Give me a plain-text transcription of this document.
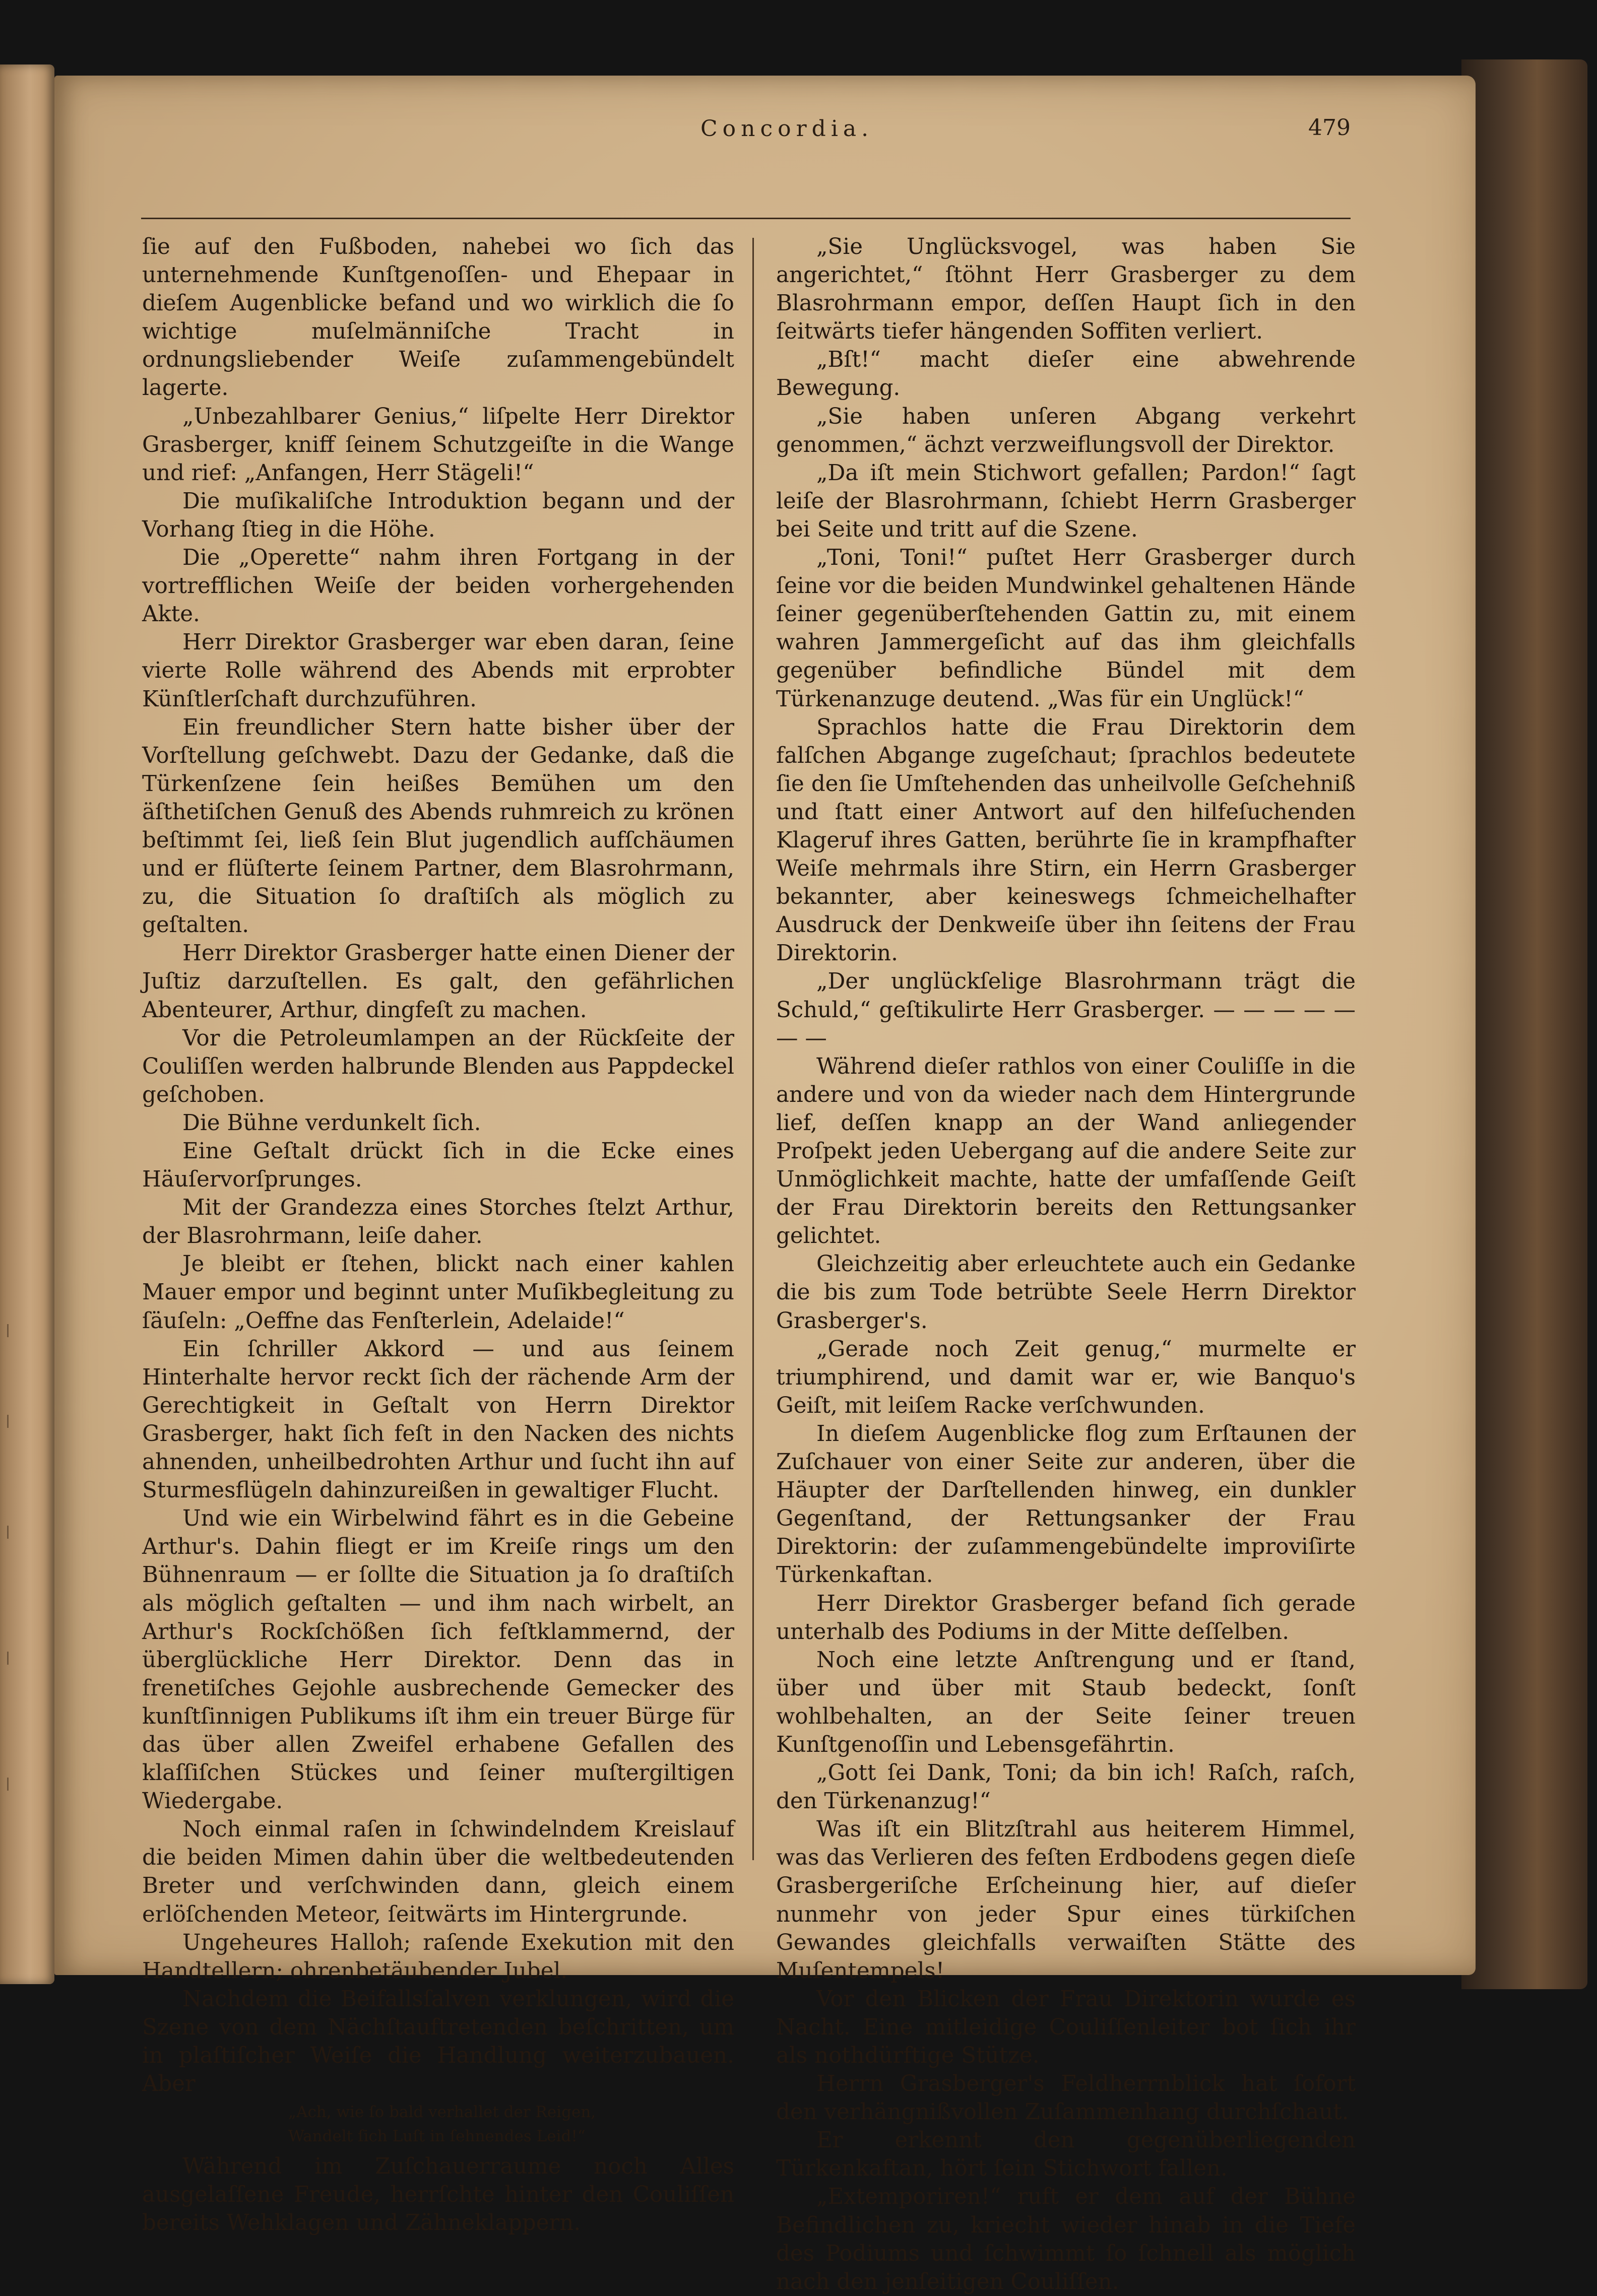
Concordia.	479

ſie auf den Fußboden, nahebei wo ſich das unternehmende Kunſtgenoſſen- und Ehepaar in dieſem Augenblicke befand und wo wirklich die ſo wichtige muſelmänniſche Tracht in ordnungsliebender Weiſe zuſammengebündelt lagerte.

„Unbezahlbarer Genius,“ liſpelte Herr Direktor Grasberger, kniff ſeinem Schutzgeiſte in die Wange und rief: „Anfangen, Herr Stägeli!“

Die muſikaliſche Introduktion begann und der Vorhang ſtieg in die Höhe.

Die „Operette“ nahm ihren Fortgang in der vortrefflichen Weiſe der beiden vorhergehenden Akte.

Herr Direktor Grasberger war eben daran, ſeine vierte Rolle während des Abends mit erprobter Künſtlerſchaft durchzuführen.

Ein freundlicher Stern hatte bisher über der Vorſtellung geſchwebt. Dazu der Gedanke, daß die Türkenſzene ſein heißes Bemühen um den äſthetiſchen Genuß des Abends ruhmreich zu krönen beſtimmt ſei, ließ ſein Blut jugendlich aufſchäumen und er flüſterte ſeinem Partner, dem Blasrohrmann, zu, die Situation ſo draſtiſch als möglich zu geſtalten.

Herr Direktor Grasberger hatte einen Diener der Juſtiz darzuſtellen. Es galt, den gefährlichen Abenteurer, Arthur, dingfeſt zu machen.

Vor die Petroleumlampen an der Rückſeite der Couliſſen werden halbrunde Blenden aus Pappdeckel geſchoben.

Die Bühne verdunkelt ſich.

Eine Geſtalt drückt ſich in die Ecke eines Häuſervorſprunges.

Mit der Grandezza eines Storches ſtelzt Arthur, der Blasrohrmann, leiſe daher.

Je bleibt er ſtehen, blickt nach einer kahlen Mauer empor und beginnt unter Muſikbegleitung zu ſäuſeln: „Oeffne das Fenſterlein, Adelaide!“

Ein ſchriller Akkord — und aus ſeinem Hinterhalte hervor reckt ſich der rächende Arm der Gerechtigkeit in Geſtalt von Herrn Direktor Grasberger, hakt ſich feſt in den Nacken des nichts ahnenden, unheilbedrohten Arthur und ſucht ihn auf Sturmesflügeln dahinzureißen in gewaltiger Flucht.

Und wie ein Wirbelwind fährt es in die Gebeine Arthur's. Dahin fliegt er im Kreiſe rings um den Bühnenraum — er ſollte die Situation ja ſo draſtiſch als möglich geſtalten — und ihm nach wirbelt, an Arthur's Rockſchößen ſich feſtklammernd, der überglückliche Herr Direktor. Denn das in frenetiſches Gejohle ausbrechende Gemecker des kunſtſinnigen Publikums iſt ihm ein treuer Bürge für das über allen Zweifel erhabene Gefallen des klaſſiſchen Stückes und ſeiner muſtergiltigen Wiedergabe.

Noch einmal raſen in ſchwindelndem Kreislauf die beiden Mimen dahin über die weltbedeutenden Breter und verſchwinden dann, gleich einem erlöſchenden Meteor, ſeitwärts im Hintergrunde.

Ungeheures Halloh; raſende Exekution mit den Handtellern; ohrenbetäubender Jubel.

Nachdem die Beifallsſalven verklungen, wird die Szene von dem Nächſtauftretenden beſchritten, um in plaſtiſcher Weiſe die Handlung weiterzubauen. Aber

„Ach, wie ſo bald verhallet der Reigen,
Wandelt ſich Luſt in ſehnendes Leid!“

Während im Zuſchauerraume noch Alles ausgelaſſene Freude, herrſchte hinter den Couliſſen bereits Wehklagen und Zähneklappern.

„Sie Unglücksvogel, was haben Sie angerichtet,“ ſtöhnt Herr Grasberger zu dem Blasrohrmann empor, deſſen Haupt ſich in den ſeitwärts tiefer hängenden Soffiten verliert.

„Bſt!“ macht dieſer eine abwehrende Bewegung.

„Sie haben unſeren Abgang verkehrt genommen,“ ächzt verzweiflungsvoll der Direktor.

„Da iſt mein Stichwort gefallen; Pardon!“ ſagt leiſe der Blasrohrmann, ſchiebt Herrn Grasberger bei Seite und tritt auf die Szene.

„Toni, Toni!“ puſtet Herr Grasberger durch ſeine vor die beiden Mundwinkel gehaltenen Hände ſeiner gegenüberſtehenden Gattin zu, mit einem wahren Jammergeſicht auf das ihm gleichfalls gegenüber befindliche Bündel mit dem Türkenanzuge deutend. „Was für ein Unglück!“

Sprachlos hatte die Frau Direktorin dem falſchen Abgange zugeſchaut; ſprachlos bedeutete ſie den ſie Umſtehenden das unheilvolle Geſchehniß und ſtatt einer Antwort auf den hilfeſuchenden Klageruf ihres Gatten, berührte ſie in krampfhafter Weiſe mehrmals ihre Stirn, ein Herrn Grasberger bekannter, aber keineswegs ſchmeichelhafter Ausdruck der Denkweiſe über ihn ſeitens der Frau Direktorin.

„Der unglückſelige Blasrohrmann trägt die Schuld,“ geſtikulirte Herr Grasberger. — — — — — — —

Während dieſer rathlos von einer Couliſſe in die andere und von da wieder nach dem Hintergrunde lief, deſſen knapp an der Wand anliegender Proſpekt jeden Uebergang auf die andere Seite zur Unmöglichkeit machte, hatte der umfaſſende Geiſt der Frau Direktorin bereits den Rettungsanker gelichtet.

Gleichzeitig aber erleuchtete auch ein Gedanke die bis zum Tode betrübte Seele Herrn Direktor Grasberger's.

„Gerade noch Zeit genug,“ murmelte er triumphirend, und damit war er, wie Banquo's Geiſt, mit leiſem Racke verſchwunden.

In dieſem Augenblicke flog zum Erſtaunen der Zuſchauer von einer Seite zur anderen, über die Häupter der Darſtellenden hinweg, ein dunkler Gegenſtand, der Rettungsanker der Frau Direktorin: der zuſammengebündelte improviſirte Türkenkaftan.

Herr Direktor Grasberger befand ſich gerade unterhalb des Podiums in der Mitte deſſelben.

Noch eine letzte Anſtrengung und er ſtand, über und über mit Staub bedeckt, ſonſt wohlbehalten, an der Seite ſeiner treuen Kunſtgenoſſin und Lebensgefährtin.

„Gott ſei Dank, Toni; da bin ich! Raſch, raſch, den Türkenanzug!“

Was iſt ein Blitzſtrahl aus heiterem Himmel, was das Verlieren des feſten Erdbodens gegen dieſe Grasbergeriſche Erſcheinung hier, auf dieſer nunmehr von jeder Spur eines türkiſchen Gewandes gleichfalls verwaiſten Stätte des Muſentempels!

Vor den Blicken der Frau Direktorin wurde es Nacht. Eine mitleidige Couliſſenleiter bot ſich ihr als nothdürftige Stütze.

Herrn Grasberger's Feldherrnblick hat ſofort den verhängnißvollen Zuſammenhang durchſchaut.

Er erkennt den gegenüberliegenden Türkenkaftan, hört ſein Stichwort fallen.

„Extemporiren!“ ruft er dem auf der Bühne Befindlichen zu, kriecht wieder hinab in die Tiefe des Podiums und ſchwimmt ſo ſchnell als möglich nach den jenſeitigen Couliſſen.
